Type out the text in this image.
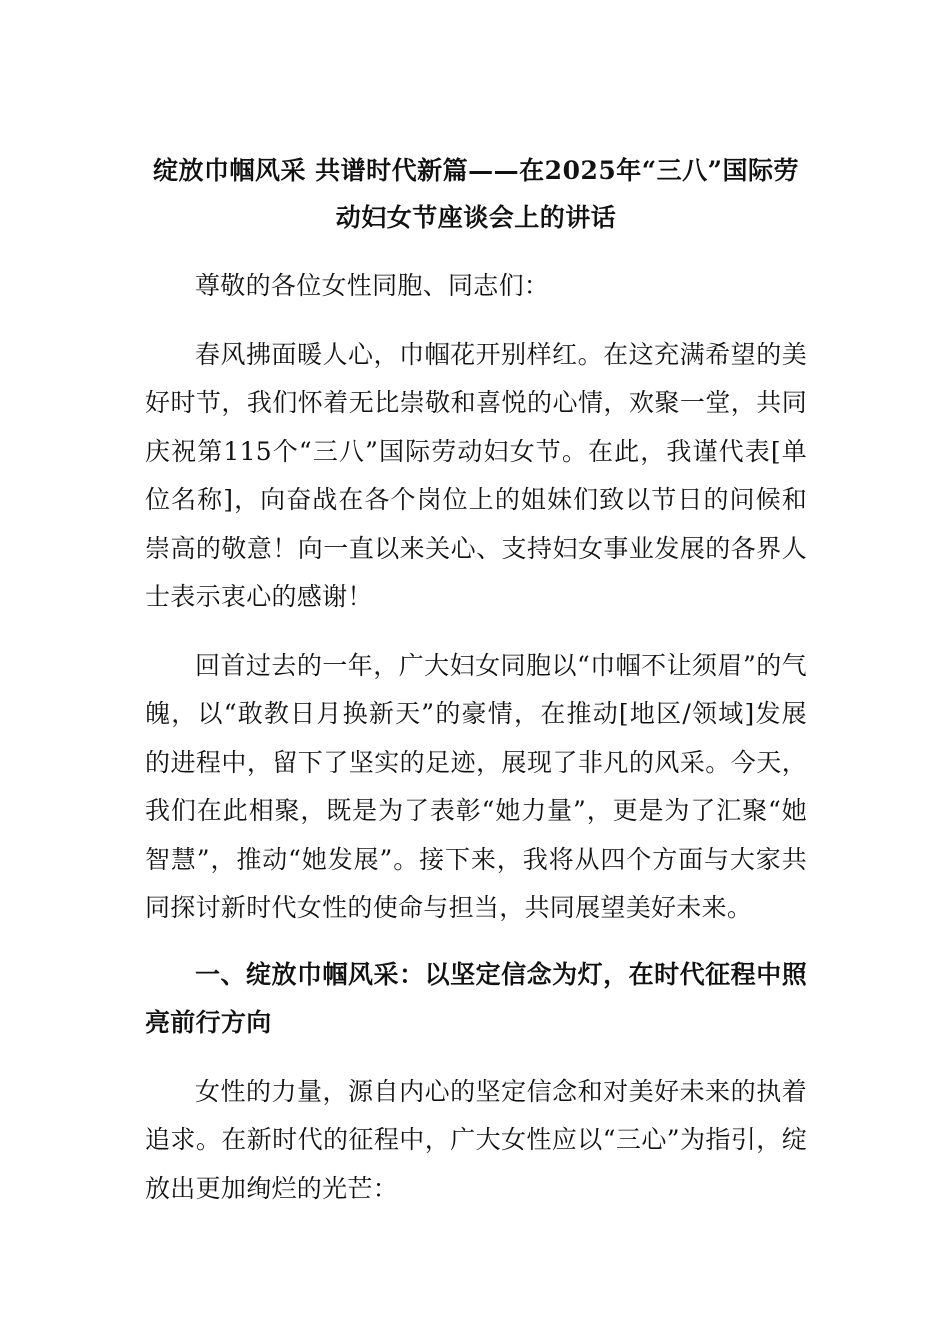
绽放巾帼风采 共谱时代新篇——在2025年“三八”国际劳动妇女节座谈会上的讲话

尊敬的各位女性同胞、同志们：

春风拂面暖人心，巾帼花开别样红。在这充满希望的美好时节，我们怀着无比崇敬和喜悦的心情，欢聚一堂，共同庆祝第115个“三八”国际劳动妇女节。在此，我谨代表[单位名称]，向奋战在各个岗位上的姐妹们致以节日的问候和崇高的敬意！向一直以来关心、支持妇女事业发展的各界人士表示衷心的感谢！

回首过去的一年，广大妇女同胞以“巾帼不让须眉”的气魄，以“敢教日月换新天”的豪情，在推动[地区/领域]发展的进程中，留下了坚实的足迹，展现了非凡的风采。今天，我们在此相聚，既是为了表彰“她力量”，更是为了汇聚“她智慧”，推动“她发展”。接下来，我将从四个方面与大家共同探讨新时代女性的使命与担当，共同展望美好未来。

一、绽放巾帼风采：以坚定信念为灯，在时代征程中照亮前行方向

女性的力量，源自内心的坚定信念和对美好未来的执着追求。在新时代的征程中，广大女性应以“三心”为指引，绽放出更加绚烂的光芒：
